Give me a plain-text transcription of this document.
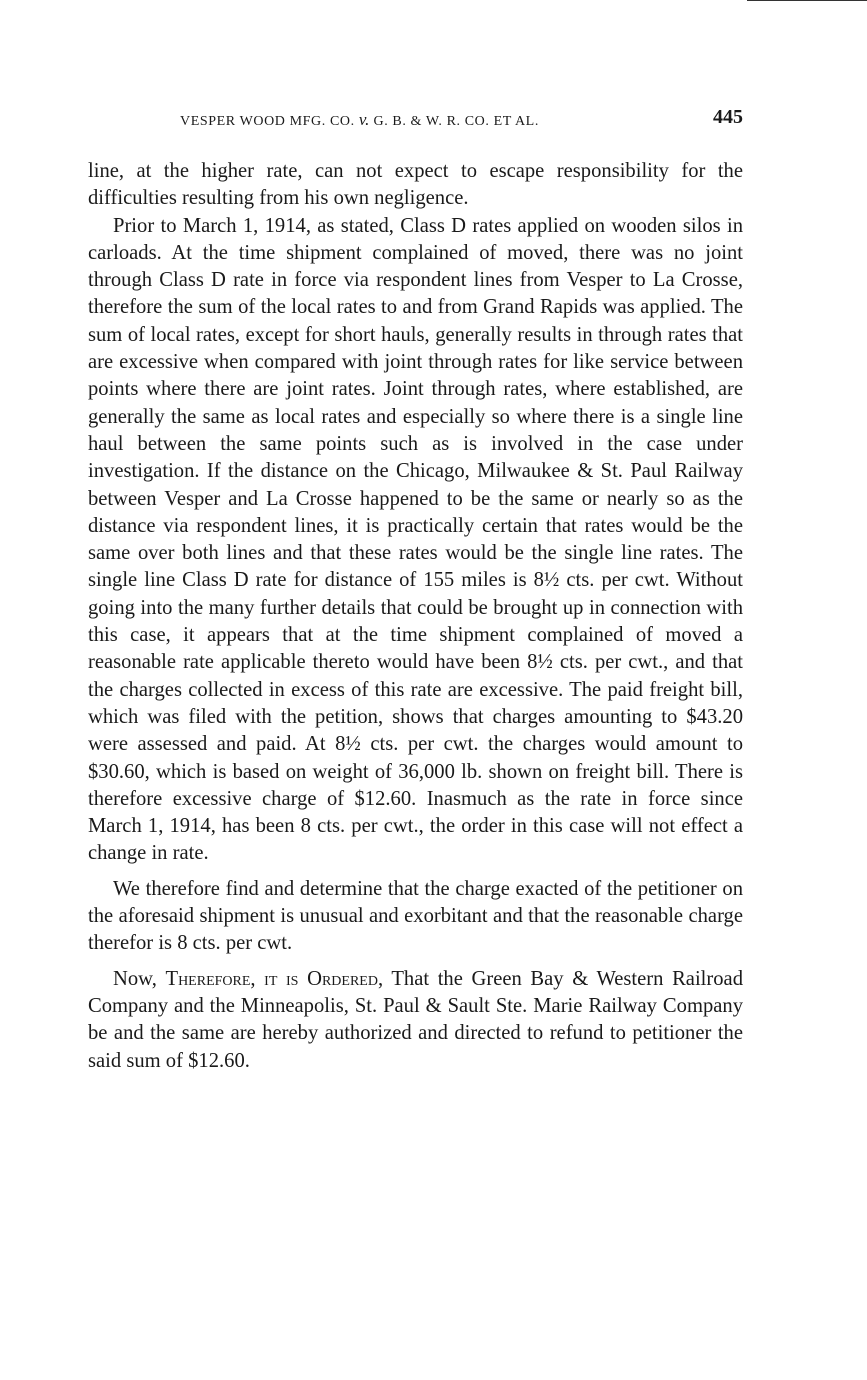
VESPER WOOD MFG. CO. v. G. B. & W. R. CO. ET AL.	445

line, at the higher rate, can not expect to escape responsibility for the difficulties resulting from his own negligence.

Prior to March 1, 1914, as stated, Class D rates applied on wooden silos in carloads. At the time shipment complained of moved, there was no joint through Class D rate in force via respondent lines from Vesper to La Crosse, therefore the sum of the local rates to and from Grand Rapids was applied. The sum of local rates, except for short hauls, generally results in through rates that are excessive when compared with joint through rates for like service between points where there are joint rates. Joint through rates, where established, are generally the same as local rates and especially so where there is a single line haul between the same points such as is involved in the case under investigation. If the distance on the Chicago, Milwaukee & St. Paul Railway between Vesper and La Crosse happened to be the same or nearly so as the distance via respondent lines, it is practically certain that rates would be the same over both lines and that these rates would be the single line rates. The single line Class D rate for distance of 155 miles is 8½ cts. per cwt. Without going into the many further details that could be brought up in connection with this case, it appears that at the time shipment complained of moved a reasonable rate applicable thereto would have been 8½ cts. per cwt., and that the charges collected in excess of this rate are excessive. The paid freight bill, which was filed with the petition, shows that charges amounting to $43.20 were assessed and paid. At 8½ cts. per cwt. the charges would amount to $30.60, which is based on weight of 36,000 lb. shown on freight bill. There is therefore excessive charge of $12.60. Inasmuch as the rate in force since March 1, 1914, has been 8 cts. per cwt., the order in this case will not effect a change in rate.

We therefore find and determine that the charge exacted of the petitioner on the aforesaid shipment is unusual and exorbitant and that the reasonable charge therefor is 8 cts. per cwt.

Now, Therefore, it is Ordered, That the Green Bay & Western Railroad Company and the Minneapolis, St. Paul & Sault Ste. Marie Railway Company be and the same are hereby authorized and directed to refund to petitioner the said sum of $12.60.
